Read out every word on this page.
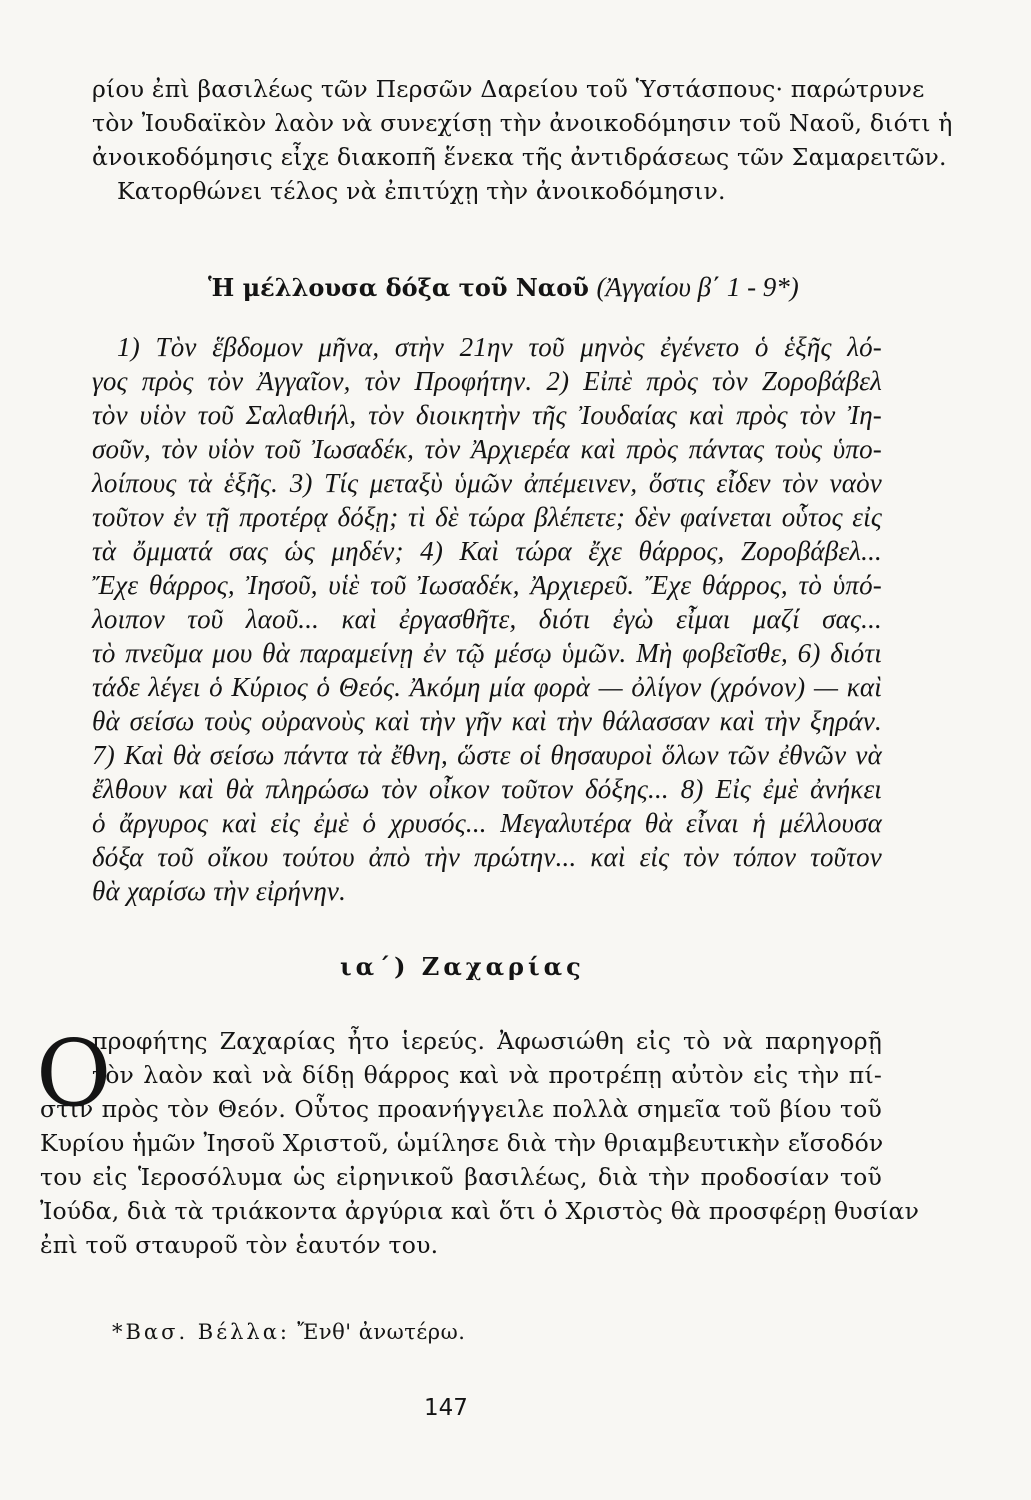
ρίου ἐπὶ βασιλέως τῶν Περσῶν Δαρείου τοῦ Ὑστάσπους· παρώτρυνε
τὸν Ἰουδαϊκὸν λαὸν νὰ συνεχίσῃ τὴν ἀνοικοδόμησιν τοῦ Ναοῦ, διότι ἡ
ἀνοικοδόμησις εἶχε διακοπῆ ἕνεκα τῆς ἀντιδράσεως τῶν Σαμαρειτῶν.
Κατορθώνει τέλος νὰ ἐπιτύχῃ τὴν ἀνοικοδόμησιν.
Ἡ μέλλουσα δόξα τοῦ Ναοῦ (Ἀγγαίου β΄ 1 - 9*)
1) Τὸν ἕβδομον μῆνα, στὴν 21ην τοῦ μηνὸς ἐγένετο ὁ ἑξῆς λό-
γος πρὸς τὸν Ἀγγαῖον, τὸν Προφήτην. 2) Εἰπὲ πρὸς τὸν Ζοροβάβελ
τὸν υἱὸν τοῦ Σαλαθιήλ, τὸν διοικητὴν τῆς Ἰουδαίας καὶ πρὸς τὸν Ἰη-
σοῦν, τὸν υἱὸν τοῦ Ἰωσαδέκ, τὸν Ἀρχιερέα καὶ πρὸς πάντας τοὺς ὑπο-
λοίπους τὰ ἑξῆς. 3) Τίς μεταξὺ ὑμῶν ἀπέμεινεν, ὅστις εἶδεν τὸν ναὸν
τοῦτον ἐν τῇ προτέρᾳ δόξῃ; τὶ δὲ τώρα βλέπετε; δὲν φαίνεται οὗτος εἰς
τὰ ὄμματά σας ὡς μηδέν; 4) Καὶ τώρα ἔχε θάρρος, Ζοροβάβελ...
Ἔχε θάρρος, Ἰησοῦ, υἱὲ τοῦ Ἰωσαδέκ, Ἀρχιερεῦ. Ἔχε θάρρος, τὸ ὑπό-
λοιπον τοῦ λαοῦ... καὶ ἐργασθῆτε, διότι ἐγὼ εἶμαι μαζί σας...
τὸ πνεῦμα μου θὰ παραμείνῃ ἐν τῷ μέσῳ ὑμῶν. Μὴ φοβεῖσθε, 6) διότι
τάδε λέγει ὁ Κύριος ὁ Θεός. Ἀκόμη μία φορὰ — ὀλίγον (χρόνον) — καὶ
θὰ σείσω τοὺς οὐρανοὺς καὶ τὴν γῆν καὶ τὴν θάλασσαν καὶ τὴν ξηράν.
7) Καὶ θὰ σείσω πάντα τὰ ἔθνη, ὥστε οἱ θησαυροὶ ὅλων τῶν ἐθνῶν νὰ
ἔλθουν καὶ θὰ πληρώσω τὸν οἶκον τοῦτον δόξης... 8) Εἰς ἐμὲ ἀνήκει
ὁ ἄργυρος καὶ εἰς ἐμὲ ὁ χρυσός... Μεγαλυτέρα θὰ εἶναι ἡ μέλλουσα
δόξα τοῦ οἴκου τούτου ἀπὸ τὴν πρώτην... καὶ εἰς τὸν τόπον τοῦτον
θὰ χαρίσω τὴν εἰρήνην.
ια΄) Ζαχαρίας
Ο
προφήτης Ζαχαρίας ἦτο ἱερεύς. Ἀφωσιώθη εἰς τὸ νὰ παρηγορῇ
τὸν λαὸν καὶ νὰ δίδῃ θάρρος καὶ νὰ προτρέπῃ αὐτὸν εἰς τὴν πί-
στιν πρὸς τὸν Θεόν. Οὗτος προανήγγειλε πολλὰ σημεῖα τοῦ βίου τοῦ
Κυρίου ἡμῶν Ἰησοῦ Χριστοῦ, ὡμίλησε διὰ τὴν θριαμβευτικὴν εἴσοδόν
του εἰς Ἱεροσόλυμα ὡς εἰρηνικοῦ βασιλέως, διὰ τὴν προδοσίαν τοῦ
Ἰούδα, διὰ τὰ τριάκοντα ἀργύρια καὶ ὅτι ὁ Χριστὸς θὰ προσφέρῃ θυσίαν
ἐπὶ τοῦ σταυροῦ τὸν ἑαυτόν του.
*Βασ. Βέλλα: Ἔνθ' ἀνωτέρω.
147
